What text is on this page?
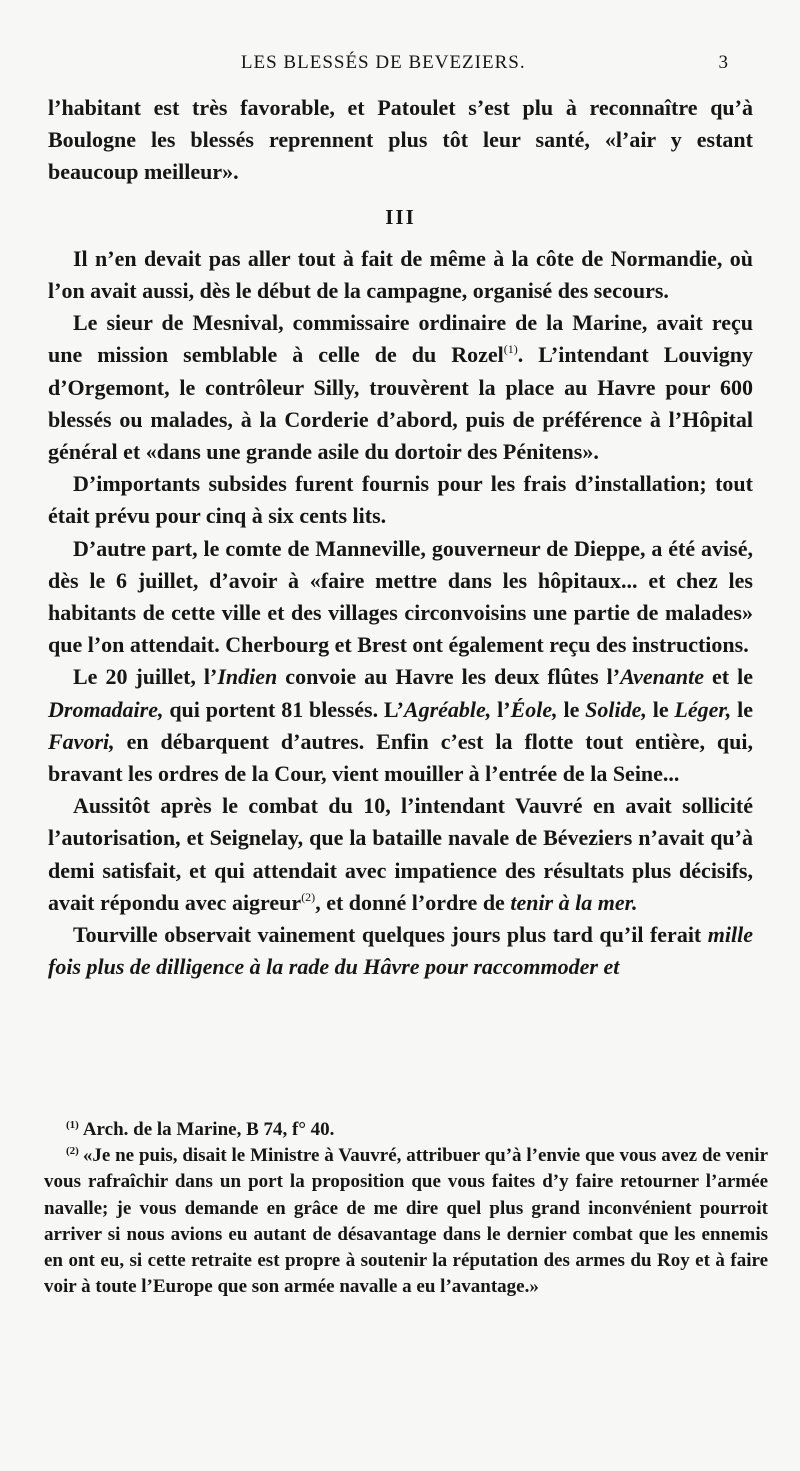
LES BLESSÉS DE BEVEZIERS.	3

l’habitant est très favorable, et Patoulet s’est plu à reconnaître qu’à Boulogne les blessés reprennent plus tôt leur santé, «l’air y estant beaucoup meilleur».

III

Il n’en devait pas aller tout à fait de même à la côte de Normandie, où l’on avait aussi, dès le début de la campagne, organisé des secours.

Le sieur de Mesnival, commissaire ordinaire de la Marine, avait reçu une mission semblable à celle de du Rozel$^{(1)}$. L’intendant Louvigny d’Orgemont, le contrôleur Silly, trouvèrent la place au Havre pour 600 blessés ou malades, à la Corderie d’abord, puis de préférence à l’Hôpital général et «dans une grande asile du dortoir des Pénitens».

D’importants subsides furent fournis pour les frais d’installation; tout était prévu pour cinq à six cents lits.

D’autre part, le comte de Manneville, gouverneur de Dieppe, a été avisé, dès le 6 juillet, d’avoir à «faire mettre dans les hôpitaux... et chez les habitants de cette ville et des villages circonvoisins une partie de malades» que l’on attendait. Cherbourg et Brest ont également reçu des instructions.

Le 20 juillet, l’Indien convoie au Havre les deux flûtes l’Avenante et le Dromadaire, qui portent 81 blessés. L’Agréable, l’Éole, le Solide, le Léger, le Favori, en débarquent d’autres. Enfin c’est la flotte tout entière, qui, bravant les ordres de la Cour, vient mouiller à l’entrée de la Seine...

Aussitôt après le combat du 10, l’intendant Vauvré en avait sollicité l’autorisation, et Seignelay, que la bataille navale de Béveziers n’avait qu’à demi satisfait, et qui attendait avec impatience des résultats plus décisifs, avait répondu avec aigreur$^{(2)}$, et donné l’ordre de tenir à la mer.

Tourville observait vainement quelques jours plus tard qu’il ferait mille fois plus de dilligence à la rade du Hâvre pour raccommoder et

$^{(1)}$ Arch. de la Marine, B 74, f° 40.

$^{(2)}$ «Je ne puis, disait le Ministre à Vauvré, attribuer qu’à l’envie que vous avez de venir vous rafraîchir dans un port la proposition que vous faites d’y faire retourner l’armée navalle; je vous demande en grâce de me dire quel plus grand inconvénient pourroit arriver si nous avions eu autant de désavantage dans le dernier combat que les ennemis en ont eu, si cette retraite est propre à soutenir la réputation des armes du Roy et à faire voir à toute l’Europe que son armée navalle a eu l’avantage.»
